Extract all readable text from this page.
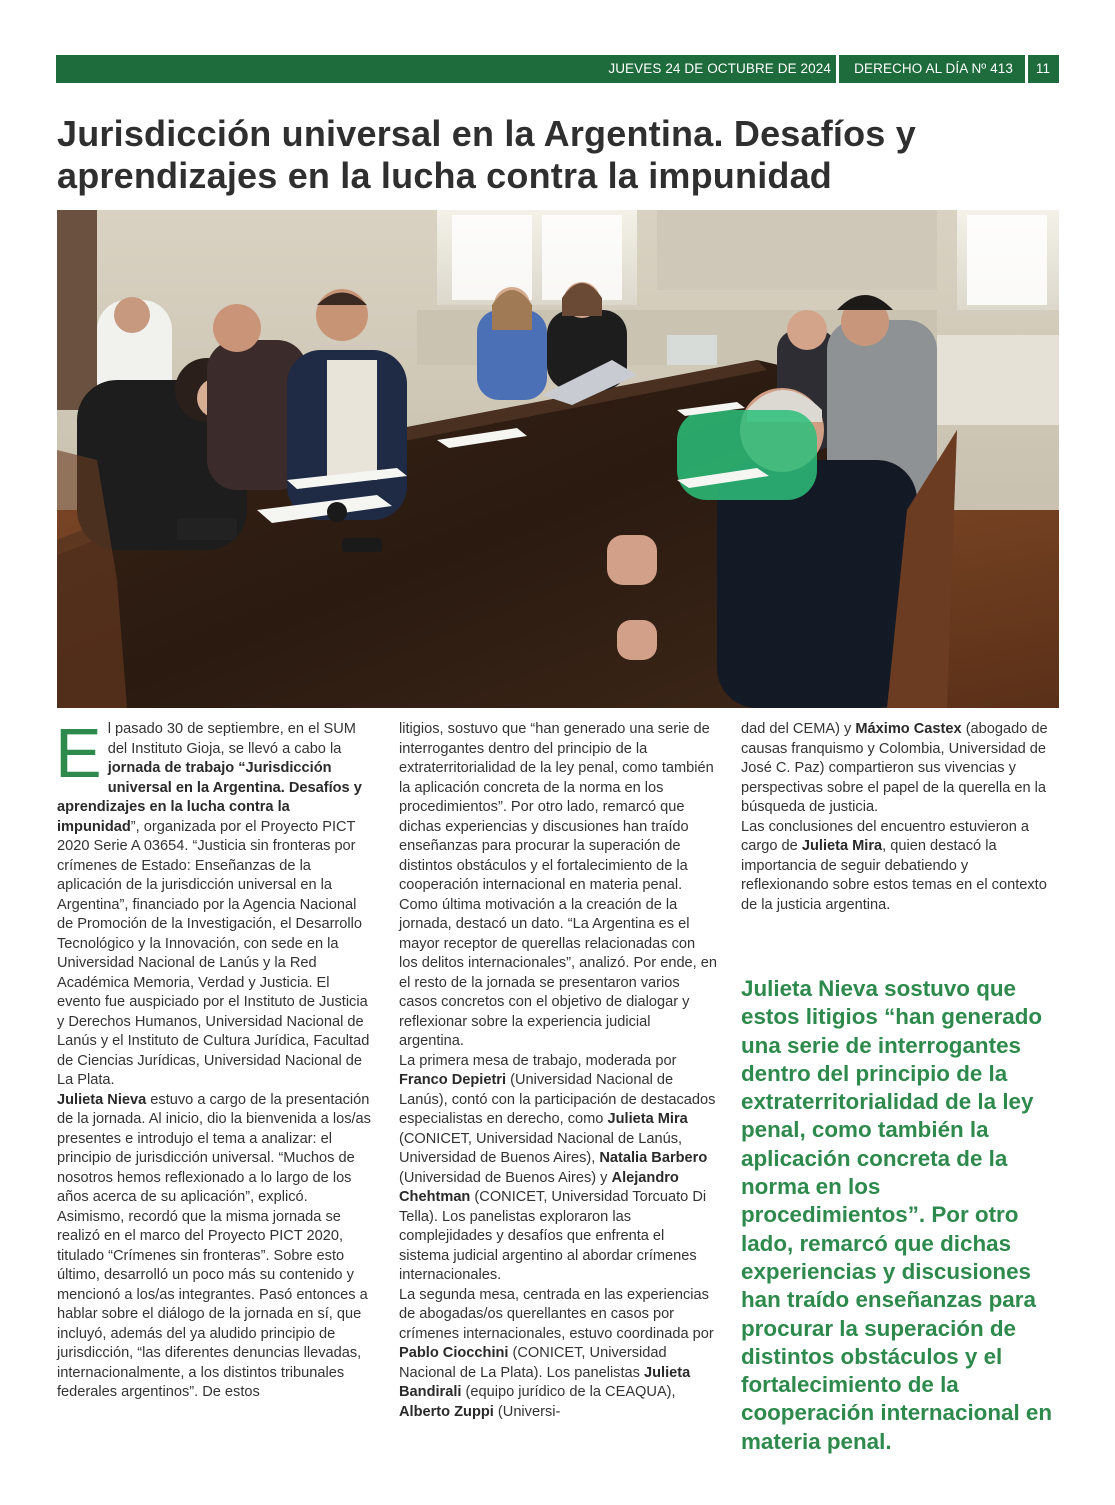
JUEVES 24 DE OCTUBRE DE 2024 DERECHO AL DÍA Nº 413	11
Jurisdicción universal en la Argentina. Desafíos y
aprendizajes en la lucha contra la impunidad

El pasado 30 de septiembre, en el SUM del Instituto Gioja, se llevó a cabo la jornada de trabajo “Jurisdicción universal en la Argentina. Desafíos y aprendizajes en la lucha contra la impunidad”, organizada por el Proyecto PICT 2020 Serie A 03654. “Justicia sin fronteras por crímenes de Estado: Enseñanzas de la aplicación de la jurisdicción universal en la Argentina”, financiado por la Agencia Nacional de Promoción de la Investigación, el Desarrollo Tecnológico y la Innovación, con sede en la Universidad Nacional de Lanús y la Red Académica Memoria, Verdad y Justicia. El evento fue auspiciado por el Instituto de Justicia y Derechos Humanos, Universidad Nacional de Lanús y el Instituto de Cultura Jurídica, Facultad de Ciencias Jurídicas, Universidad Nacional de La Plata.

Julieta Nieva estuvo a cargo de la presentación de la jornada. Al inicio, dio la bienvenida a los/as presentes e introdujo el tema a analizar: el principio de jurisdicción universal. “Muchos de nosotros hemos reflexionado a lo largo de los años acerca de su aplicación”, explicó. Asimismo, recordó que la misma jornada se realizó en el marco del Proyecto PICT 2020, titulado “Crímenes sin fronteras”. Sobre esto último, desarrolló un poco más su contenido y mencionó a los/as integrantes. Pasó entonces a hablar sobre el diálogo de la jornada en sí, que incluyó, además del ya aludido principio de jurisdicción, “las diferentes denuncias llevadas, internacionalmente, a los distintos tribunales federales argentinos”. De estos

litigios, sostuvo que “han generado una serie de interrogantes dentro del principio de la extraterritorialidad de la ley penal, como también la aplicación concreta de la norma en los procedimientos”. Por otro lado, remarcó que dichas experiencias y discusiones han traído enseñanzas para procurar la superación de distintos obstáculos y el fortalecimiento de la cooperación internacional en materia penal. Como última motivación a la creación de la jornada, destacó un dato. “La Argentina es el mayor receptor de querellas relacionadas con los delitos internacionales”, analizó. Por ende, en el resto de la jornada se presentaron varios casos concretos con el objetivo de dialogar y reflexionar sobre la experiencia judicial argentina.

La primera mesa de trabajo, moderada por Franco Depietri (Universidad Nacional de Lanús), contó con la participación de destacados especialistas en derecho, como Julieta Mira (CONICET, Universidad Nacional de Lanús, Universidad de Buenos Aires), Natalia Barbero (Universidad de Buenos Aires) y Alejandro Chehtman (CONICET, Universidad Torcuato Di Tella). Los panelistas exploraron las complejidades y desafíos que enfrenta el sistema judicial argentino al abordar crímenes internacionales.

La segunda mesa, centrada en las experiencias de abogadas/os querellantes en casos por crímenes internacionales, estuvo coordinada por Pablo Ciocchini (CONICET, Universidad Nacional de La Plata). Los panelistas Julieta Bandirali (equipo jurídico de la CEAQUA), Alberto Zuppi (Universi-

dad del CEMA) y Máximo Castex (abogado de causas franquismo y Colombia, Universidad de José C. Paz) compartieron sus vivencias y perspectivas sobre el papel de la querella en la búsqueda de justicia.

Las conclusiones del encuentro estuvieron a cargo de Julieta Mira, quien destacó la importancia de seguir debatiendo y reflexionando sobre estos temas en el contexto de la justicia argentina.

Julieta Nieva sostuvo que estos litigios “han generado una serie de interrogantes dentro del principio de la extraterritorialidad de la ley penal, como también la aplicación concreta de la norma en los procedimientos”. Por otro lado, remarcó que dichas experiencias y discusiones han traído enseñanzas para procurar la superación de distintos obstáculos y el fortalecimiento de la cooperación internacional en materia penal.
